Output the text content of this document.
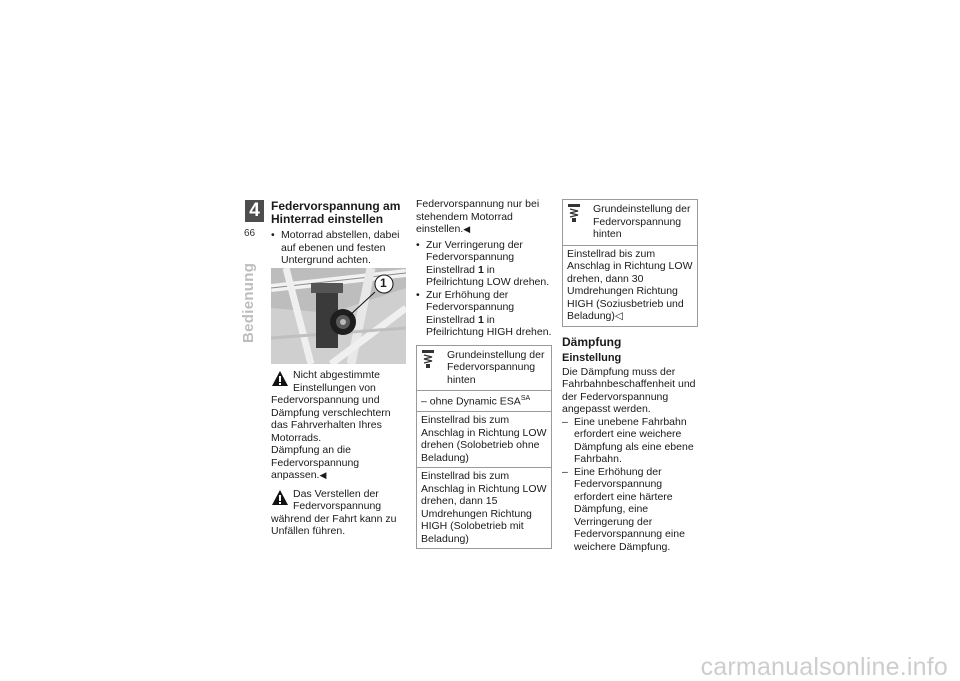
4
66
Bedienung
Federvorspannung am Hinterrad einstellen

• Motorrad abstellen, dabei auf ebenen und festen Untergrund achten.

1

Nicht abgestimmte Einstellungen von Federvorspannung und Dämpfung verschlechtern das Fahrverhalten Ihres Motorrads.

Dämpfung an die Federvorspannung anpassen.◀

Das Verstellen der Federvorspannung während der Fahrt kann zu Unfällen führen.

Federvorspannung nur bei stehendem Motorrad einstellen.◀

• Zur Verringerung der Federvorspannung Einstellrad 1 in Pfeilrichtung LOW drehen.

• Zur Erhöhung der Federvorspannung Einstellrad 1 in Pfeilrichtung HIGH drehen.

Grundeinstellung der Federvorspannung hinten

– ohne Dynamic $ESA^{SA}$
Einstellrad bis zum Anschlag in Richtung LOW drehen (Solobetrieb ohne Beladung)
Einstellrad bis zum Anschlag in Richtung LOW drehen, dann 15 Umdrehungen Richtung HIGH (Solobetrieb mit Beladung)

Grundeinstellung der Federvorspannung hinten

Einstellrad bis zum Anschlag in Richtung LOW drehen, dann 30 Umdrehungen Richtung HIGH (Soziusbetrieb und Beladung)◁
Dämpfung
Einstellung

Die Dämpfung muss der Fahrbahnbeschaffenheit und der Federvorspannung angepasst werden.

– Eine unebene Fahrbahn erfordert eine weichere Dämpfung als eine ebene Fahrbahn.

– Eine Erhöhung der Federvorspannung erfordert eine härtere Dämpfung, eine Verringerung der Federvorspannung eine weichere Dämpfung.

carmanualsonline.info
